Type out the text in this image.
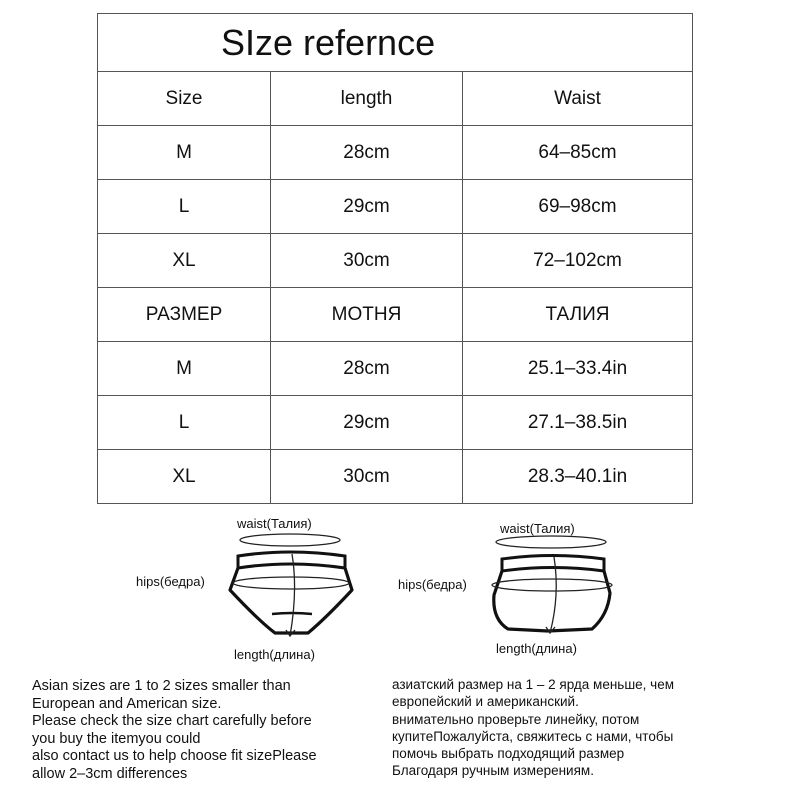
SIze refernce		
Size	length	Waist
M	28cm	64–85cm
L	29cm	69–98cm
XL	30cm	72–102cm
РАЗМЕР	МОТНЯ	ТАЛИЯ
M	28cm	25.1–33.4in
L	29cm	27.1–38.5in
XL	30cm	28.3–40.1in
waist(Талия)
hips(бедра)
length(длина)
waist(Талия)
hips(бедра)
length(длина)
Asian sizes are 1 to 2 sizes smaller than
European and American size.
Please check the size chart carefully before
you buy the itemyou could
also contact us to help choose fit sizePlease
allow 2–3cm differences
азиатский размер на 1 – 2 ярда меньше, чем
европейский и американский.
внимательно проверьте линейку, потом
купитеПожалуйста, свяжитесь с нами, чтобы
помочь выбрать подходящий размер
Благодаря ручным измерениям.
